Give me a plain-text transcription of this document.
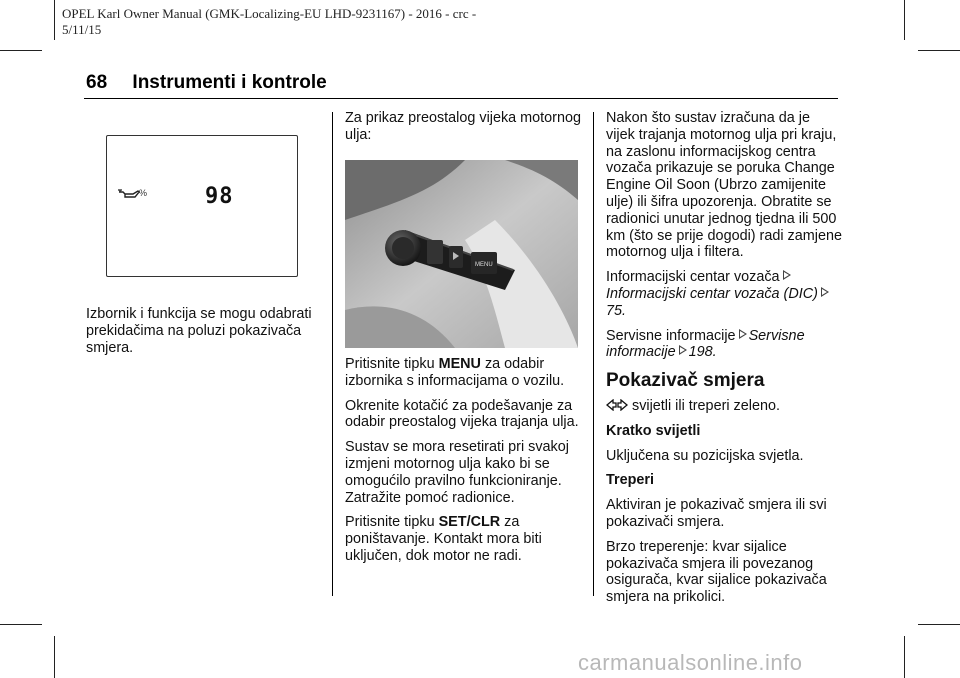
OPEL Karl Owner Manual (GMK-Localizing-EU LHD-9231167) - 2016 - crc -
5/11/15
68 Instrumenti i kontrole
%	98

Izbornik i funkcija se mogu odabrati prekidačima na poluzi pokazivača smjera.

Za prikaz preostalog vijeka motornog ulja:

MENU

Pritisnite tipku MENU za odabir izbornika s informacijama o vozilu.

Okrenite kotačić za podešavanje za odabir preostalog vijeka trajanja ulja.

Sustav se mora resetirati pri svakoj izmjeni motornog ulja kako bi se omogućilo pravilno funkcioniranje. Zatražite pomoć radionice.

Pritisnite tipku SET/CLR za poništavanje. Kontakt mora biti uključen, dok motor ne radi.

Nakon što sustav izračuna da je vijek trajanja motornog ulja pri kraju, na zaslonu informacijskog centra vozača prikazuje se poruka Change Engine Oil Soon (Ubrzo zamijenite ulje) ili šifra upozorenja. Obratite se radionici unutar jednog tjedna ili 500 km (što se prije dogodi) radi zamjene motornog ulja i filtera.

Informacijski centar vozača
Informacijski centar vozača (DIC)75.

Servisne informacije Servisne informacije 198.

Pokazivač smjera

svijetli ili treperi zeleno.

Kratko svijetli

Uključena su pozicijska svjetla.

Treperi

Aktiviran je pokazivač smjera ili svi pokazivači smjera.

Brzo treperenje: kvar sijalice pokazivača smjera ili povezanog osigurača, kvar sijalice pokazivača smjera na prikolici.

carmanualsonline.info
